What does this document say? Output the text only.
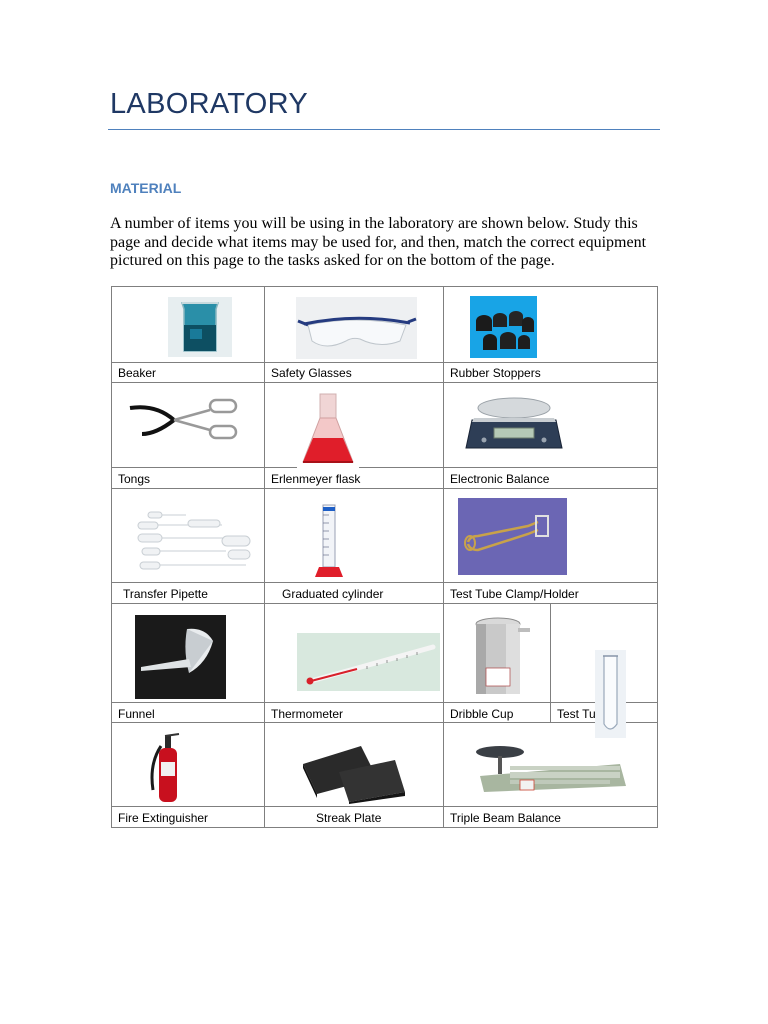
LABORATORY
MATERIAL
A number of items you will be using in the laboratory are shown below. Study this page and decide what items may be used for, and then, match the correct equipment pictured on this page to the tasks asked for on the bottom of the page.
Beaker	Safety Glasses	Rubber Stoppers
Tongs	Erlenmeyer flask	Electronic Balance
Transfer Pipette	Graduated cylinder	Test Tube Clamp/Holder
Funnel	Thermometer	Dribble Cup	Test Tu
Fire Extinguisher	Streak Plate	Triple Beam Balance
